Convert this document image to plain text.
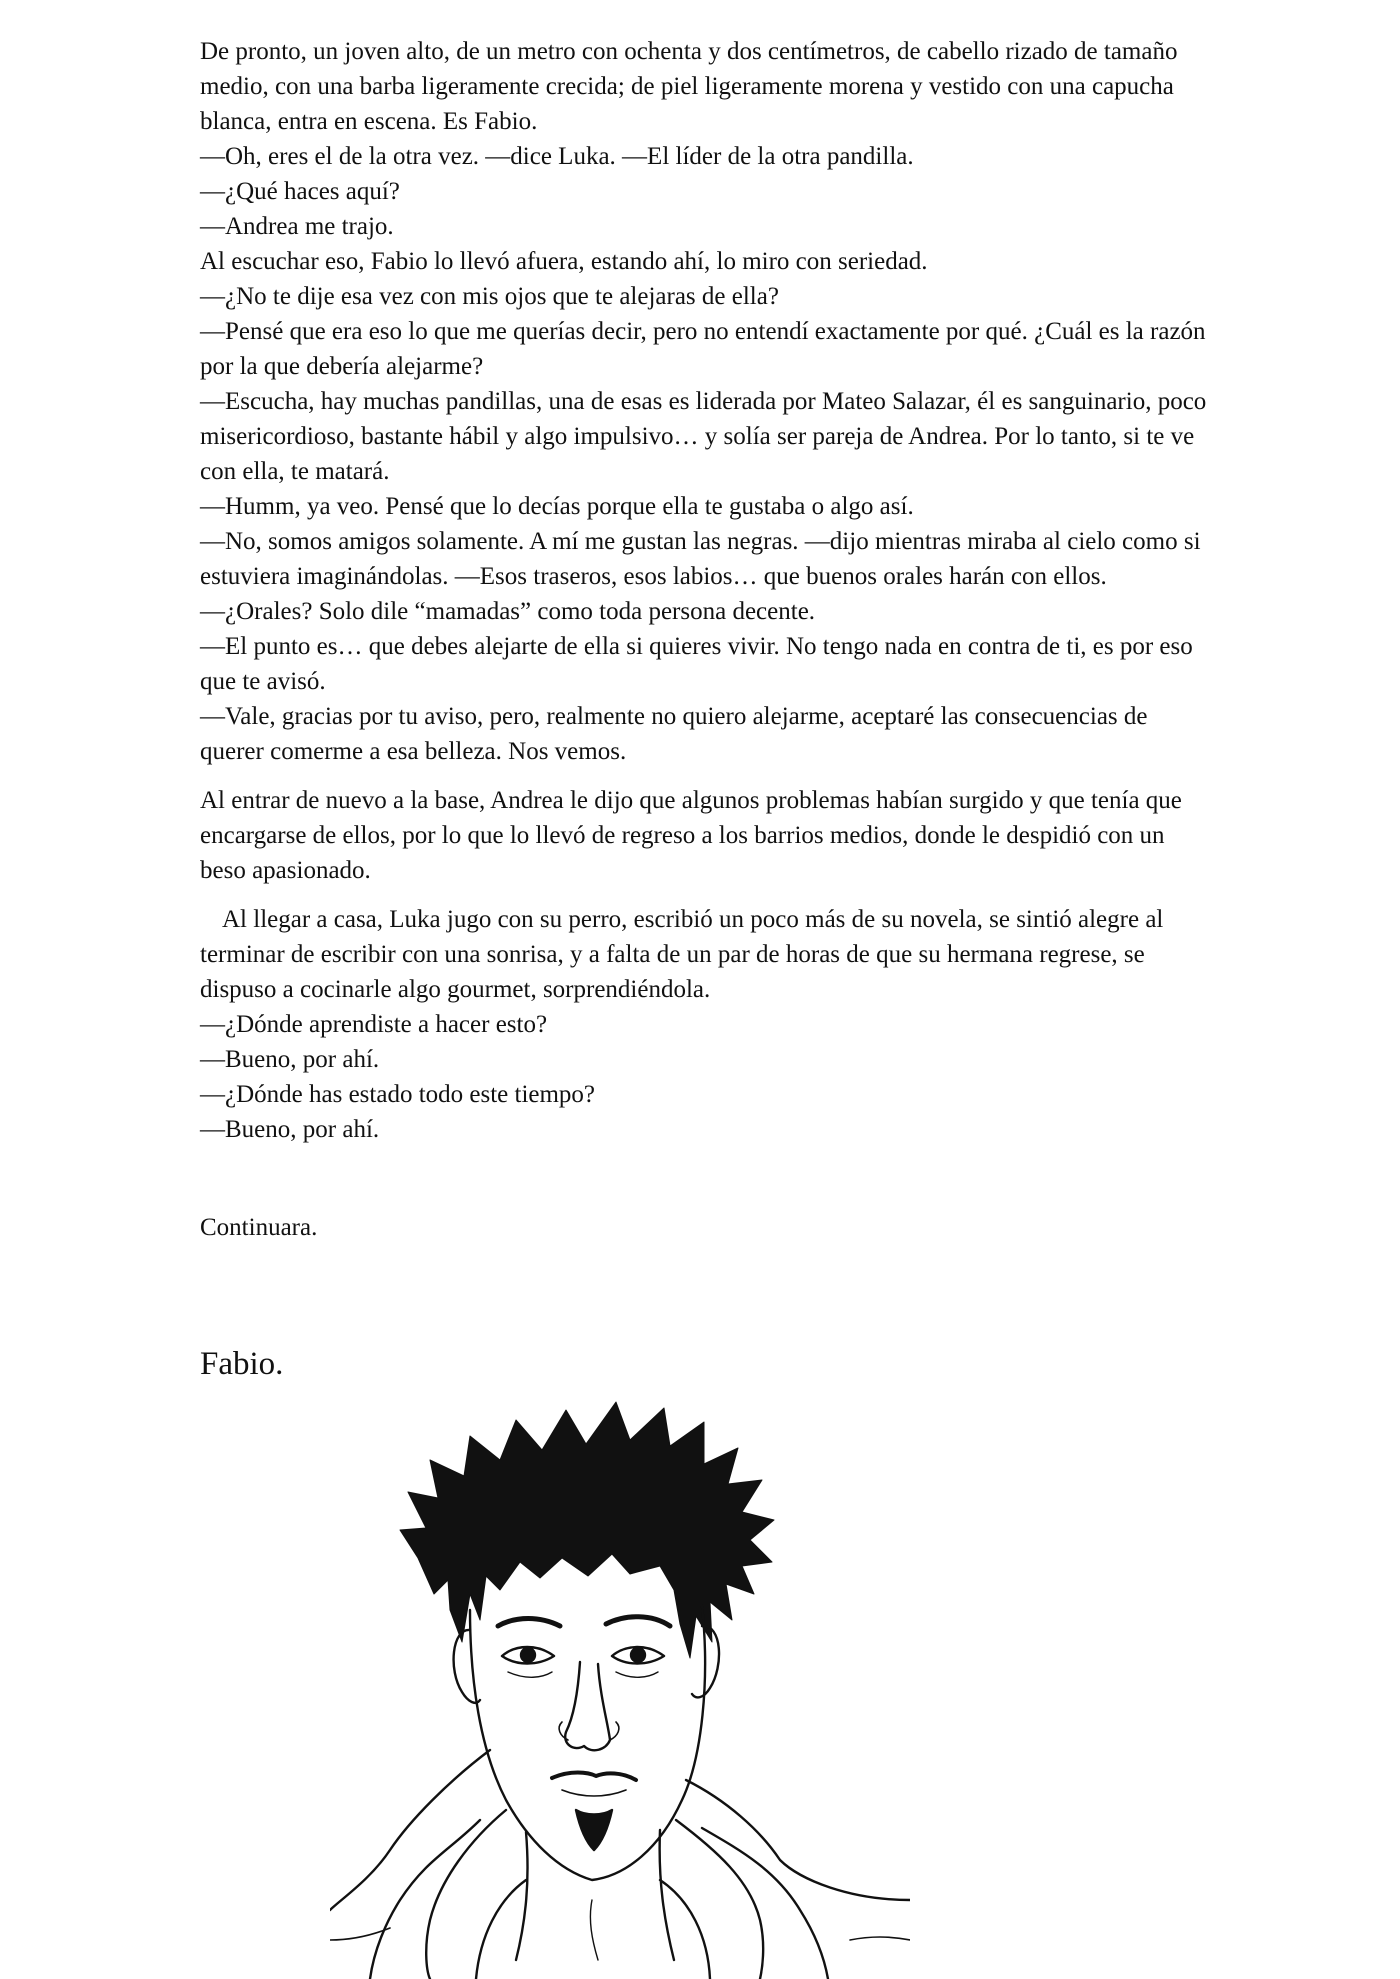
De pronto, un joven alto, de un metro con ochenta y dos centímetros, de cabello rizado de tamaño medio, con una barba ligeramente crecida; de piel ligeramente morena y vestido con una capucha blanca, entra en escena. Es Fabio.

—Oh, eres el de la otra vez. —dice Luka. —El líder de la otra pandilla.

—¿Qué haces aquí?

—Andrea me trajo.

Al escuchar eso, Fabio lo llevó afuera, estando ahí, lo miro con seriedad.

—¿No te dije esa vez con mis ojos que te alejaras de ella?

—Pensé que era eso lo que me querías decir, pero no entendí exactamente por qué. ¿Cuál es la razón por la que debería alejarme?

—Escucha, hay muchas pandillas, una de esas es liderada por Mateo Salazar, él es sanguinario, poco misericordioso, bastante hábil y algo impulsivo… y solía ser pareja de Andrea. Por lo tanto, si te ve con ella, te matará.

—Humm, ya veo. Pensé que lo decías porque ella te gustaba o algo así.

—No, somos amigos solamente. A mí me gustan las negras. —dijo mientras miraba al cielo como si estuviera imaginándolas. —Esos traseros, esos labios… que buenos orales harán con ellos.

—¿Orales? Solo dile “mamadas” como toda persona decente.

—El punto es… que debes alejarte de ella si quieres vivir. No tengo nada en contra de ti, es por eso que te avisó.

—Vale, gracias por tu aviso, pero, realmente no quiero alejarme, aceptaré las consecuencias de querer comerme a esa belleza. Nos vemos.

Al entrar de nuevo a la base, Andrea le dijo que algunos problemas habían surgido y que tenía que encargarse de ellos, por lo que lo llevó de regreso a los barrios medios, donde le despidió con un beso apasionado.

Al llegar a casa, Luka jugo con su perro, escribió un poco más de su novela, se sintió alegre al terminar de escribir con una sonrisa, y a falta de un par de horas de que su hermana regrese, se dispuso a cocinarle algo gourmet, sorprendiéndola.

—¿Dónde aprendiste a hacer esto?

—Bueno, por ahí.

—¿Dónde has estado todo este tiempo?

—Bueno, por ahí.

Continuara.

Fabio.
